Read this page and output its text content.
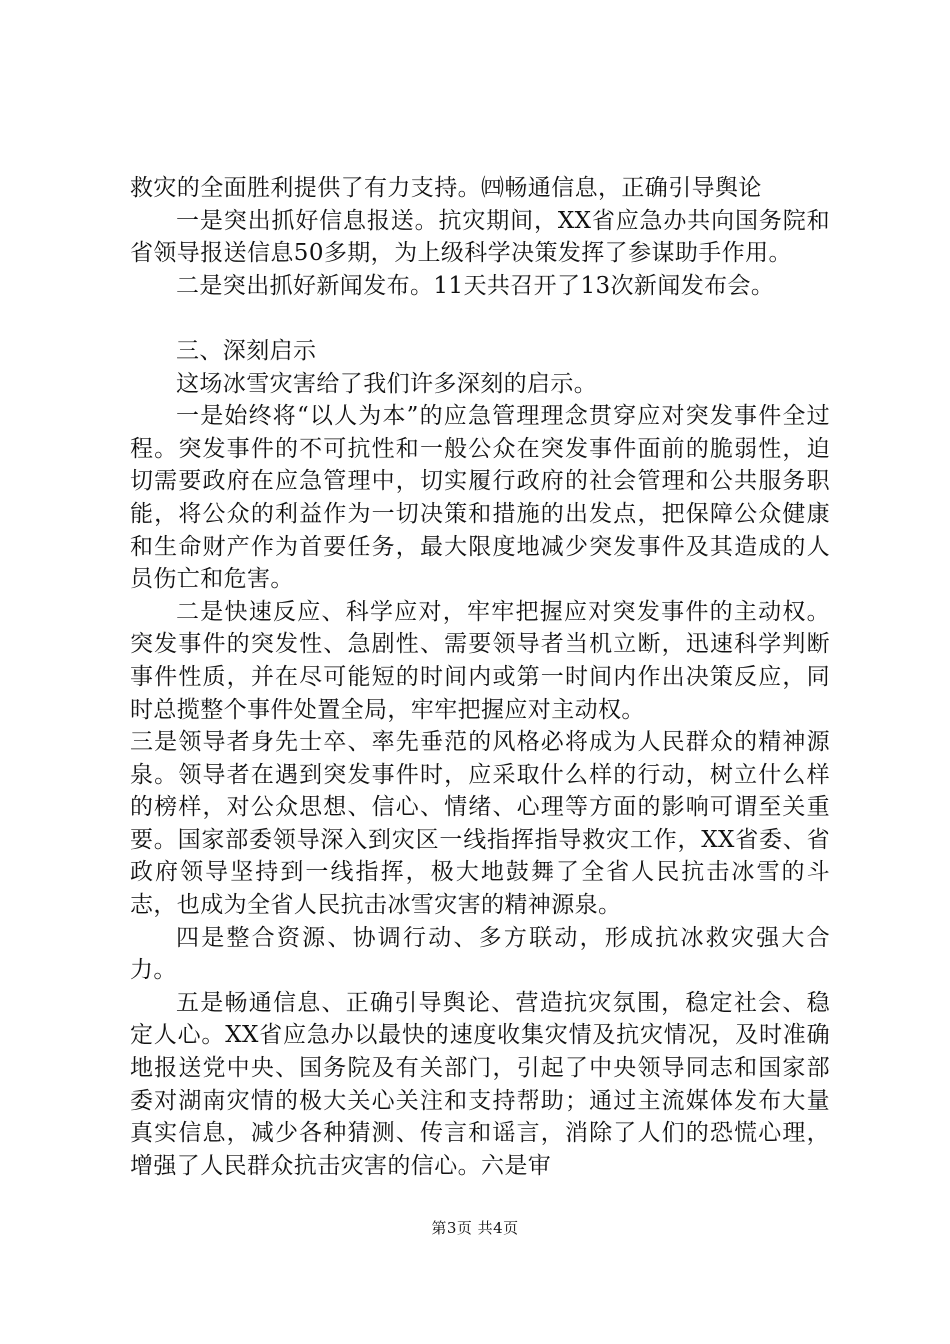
救灾的全面胜利提供了有力支持。㈣畅通信息，正确引导舆论

一是突出抓好信息报送。抗灾期间，XX省应急办共向国务院和省领导报送信息50多期，为上级科学决策发挥了参谋助手作用。

二是突出抓好新闻发布。11天共召开了13次新闻发布会。

三、深刻启示

这场冰雪灾害给了我们许多深刻的启示。

一是始终将“以人为本”的应急管理理念贯穿应对突发事件全过程。突发事件的不可抗性和一般公众在突发事件面前的脆弱性，迫切需要政府在应急管理中，切实履行政府的社会管理和公共服务职能，将公众的利益作为一切决策和措施的出发点，把保障公众健康和生命财产作为首要任务，最大限度地减少突发事件及其造成的人员伤亡和危害。

二是快速反应、科学应对，牢牢把握应对突发事件的主动权。突发事件的突发性、急剧性、需要领导者当机立断，迅速科学判断事件性质，并在尽可能短的时间内或第一时间内作出决策反应，同时总揽整个事件处置全局，牢牢把握应对主动权。

三是领导者身先士卒、率先垂范的风格必将成为人民群众的精神源泉。领导者在遇到突发事件时，应采取什么样的行动，树立什么样的榜样，对公众思想、信心、情绪、心理等方面的影响可谓至关重要。国家部委领导深入到灾区一线指挥指导救灾工作，XX省委、省政府领导坚持到一线指挥，极大地鼓舞了全省人民抗击冰雪的斗志，也成为全省人民抗击冰雪灾害的精神源泉。

四是整合资源、协调行动、多方联动，形成抗冰救灾强大合力。

五是畅通信息、正确引导舆论、营造抗灾氛围，稳定社会、稳定人心。XX省应急办以最快的速度收集灾情及抗灾情况，及时准确地报送党中央、国务院及有关部门，引起了中央领导同志和国家部委对湖南灾情的极大关心关注和支持帮助；通过主流媒体发布大量真实信息，减少各种猜测、传言和谣言，消除了人们的恐慌心理，增强了人民群众抗击灾害的信心。六是审

第3页 共4页
